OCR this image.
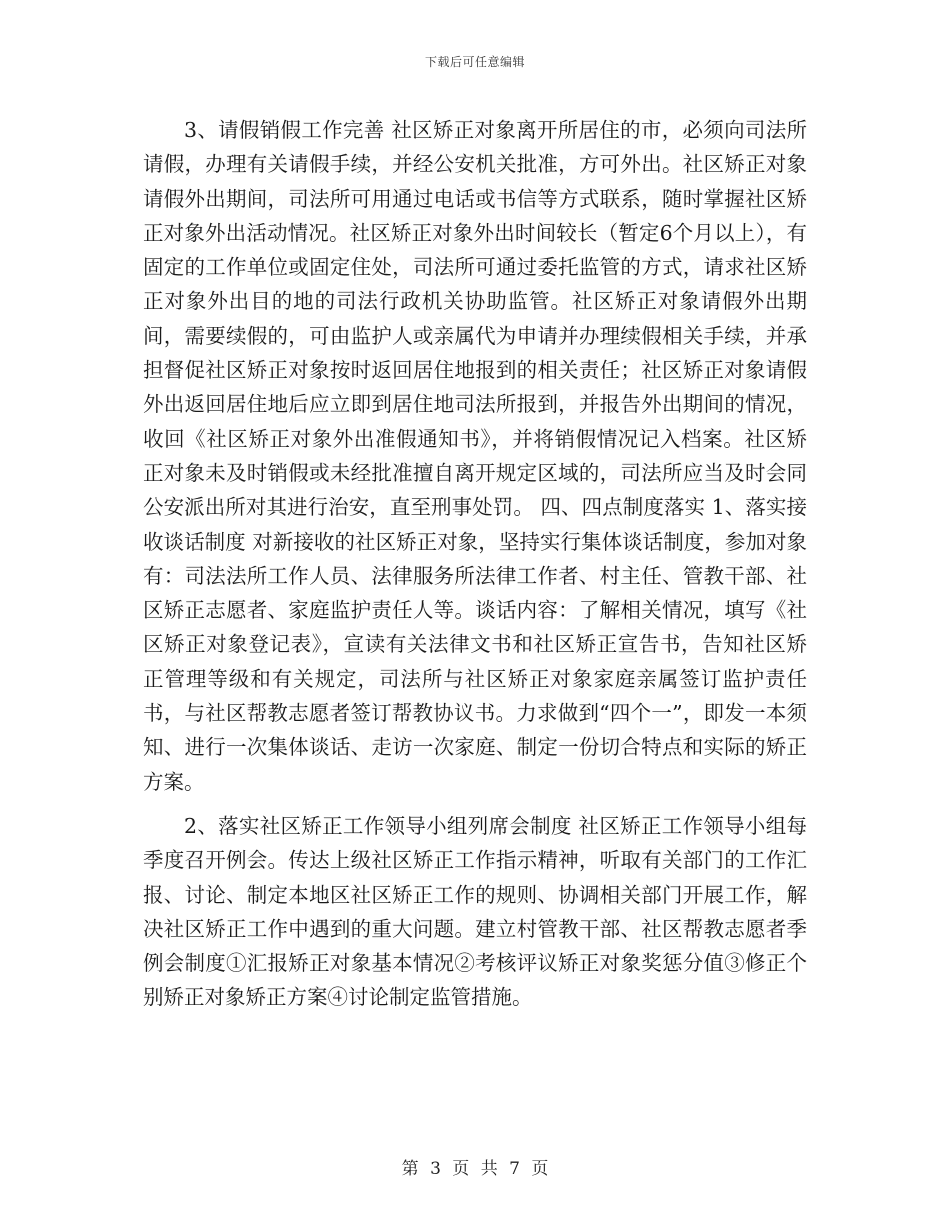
下载后可任意编辑

3、请假销假工作完善 社区矫正对象离开所居住的市，必须向司法所请假，办理有关请假手续，并经公安机关批准，方可外出。社区矫正对象请假外出期间，司法所可用通过电话或书信等方式联系，随时掌握社区矫正对象外出活动情况。社区矫正对象外出时间较长（暂定6个月以上），有固定的工作单位或固定住处，司法所可通过委托监管的方式，请求社区矫正对象外出目的地的司法行政机关协助监管。社区矫正对象请假外出期间，需要续假的，可由监护人或亲属代为申请并办理续假相关手续，并承担督促社区矫正对象按时返回居住地报到的相关责任；社区矫正对象请假外出返回居住地后应立即到居住地司法所报到，并报告外出期间的情况，收回《社区矫正对象外出准假通知书》，并将销假情况记入档案。社区矫正对象未及时销假或未经批准擅自离开规定区域的，司法所应当及时会同公安派出所对其进行治安，直至刑事处罚。 四、四点制度落实 1、落实接收谈话制度 对新接收的社区矫正对象，坚持实行集体谈话制度，参加对象有：司法法所工作人员、法律服务所法律工作者、村主任、管教干部、社区矫正志愿者、家庭监护责任人等。谈话内容：了解相关情况，填写《社区矫正对象登记表》，宣读有关法律文书和社区矫正宣告书，告知社区矫正管理等级和有关规定，司法所与社区矫正对象家庭亲属签订监护责任书，与社区帮教志愿者签订帮教协议书。力求做到“四个一”，即发一本须知、进行一次集体谈话、走访一次家庭、制定一份切合特点和实际的矫正方案。

2、落实社区矫正工作领导小组列席会制度 社区矫正工作领导小组每季度召开例会。传达上级社区矫正工作指示精神，听取有关部门的工作汇报、讨论、制定本地区社区矫正工作的规则、协调相关部门开展工作，解决社区矫正工作中遇到的重大问题。建立村管教干部、社区帮教志愿者季例会制度①汇报矫正对象基本情况②考核评议矫正对象奖惩分值③修正个别矫正对象矫正方案④讨论制定监管措施。

第 3 页 共 7 页
